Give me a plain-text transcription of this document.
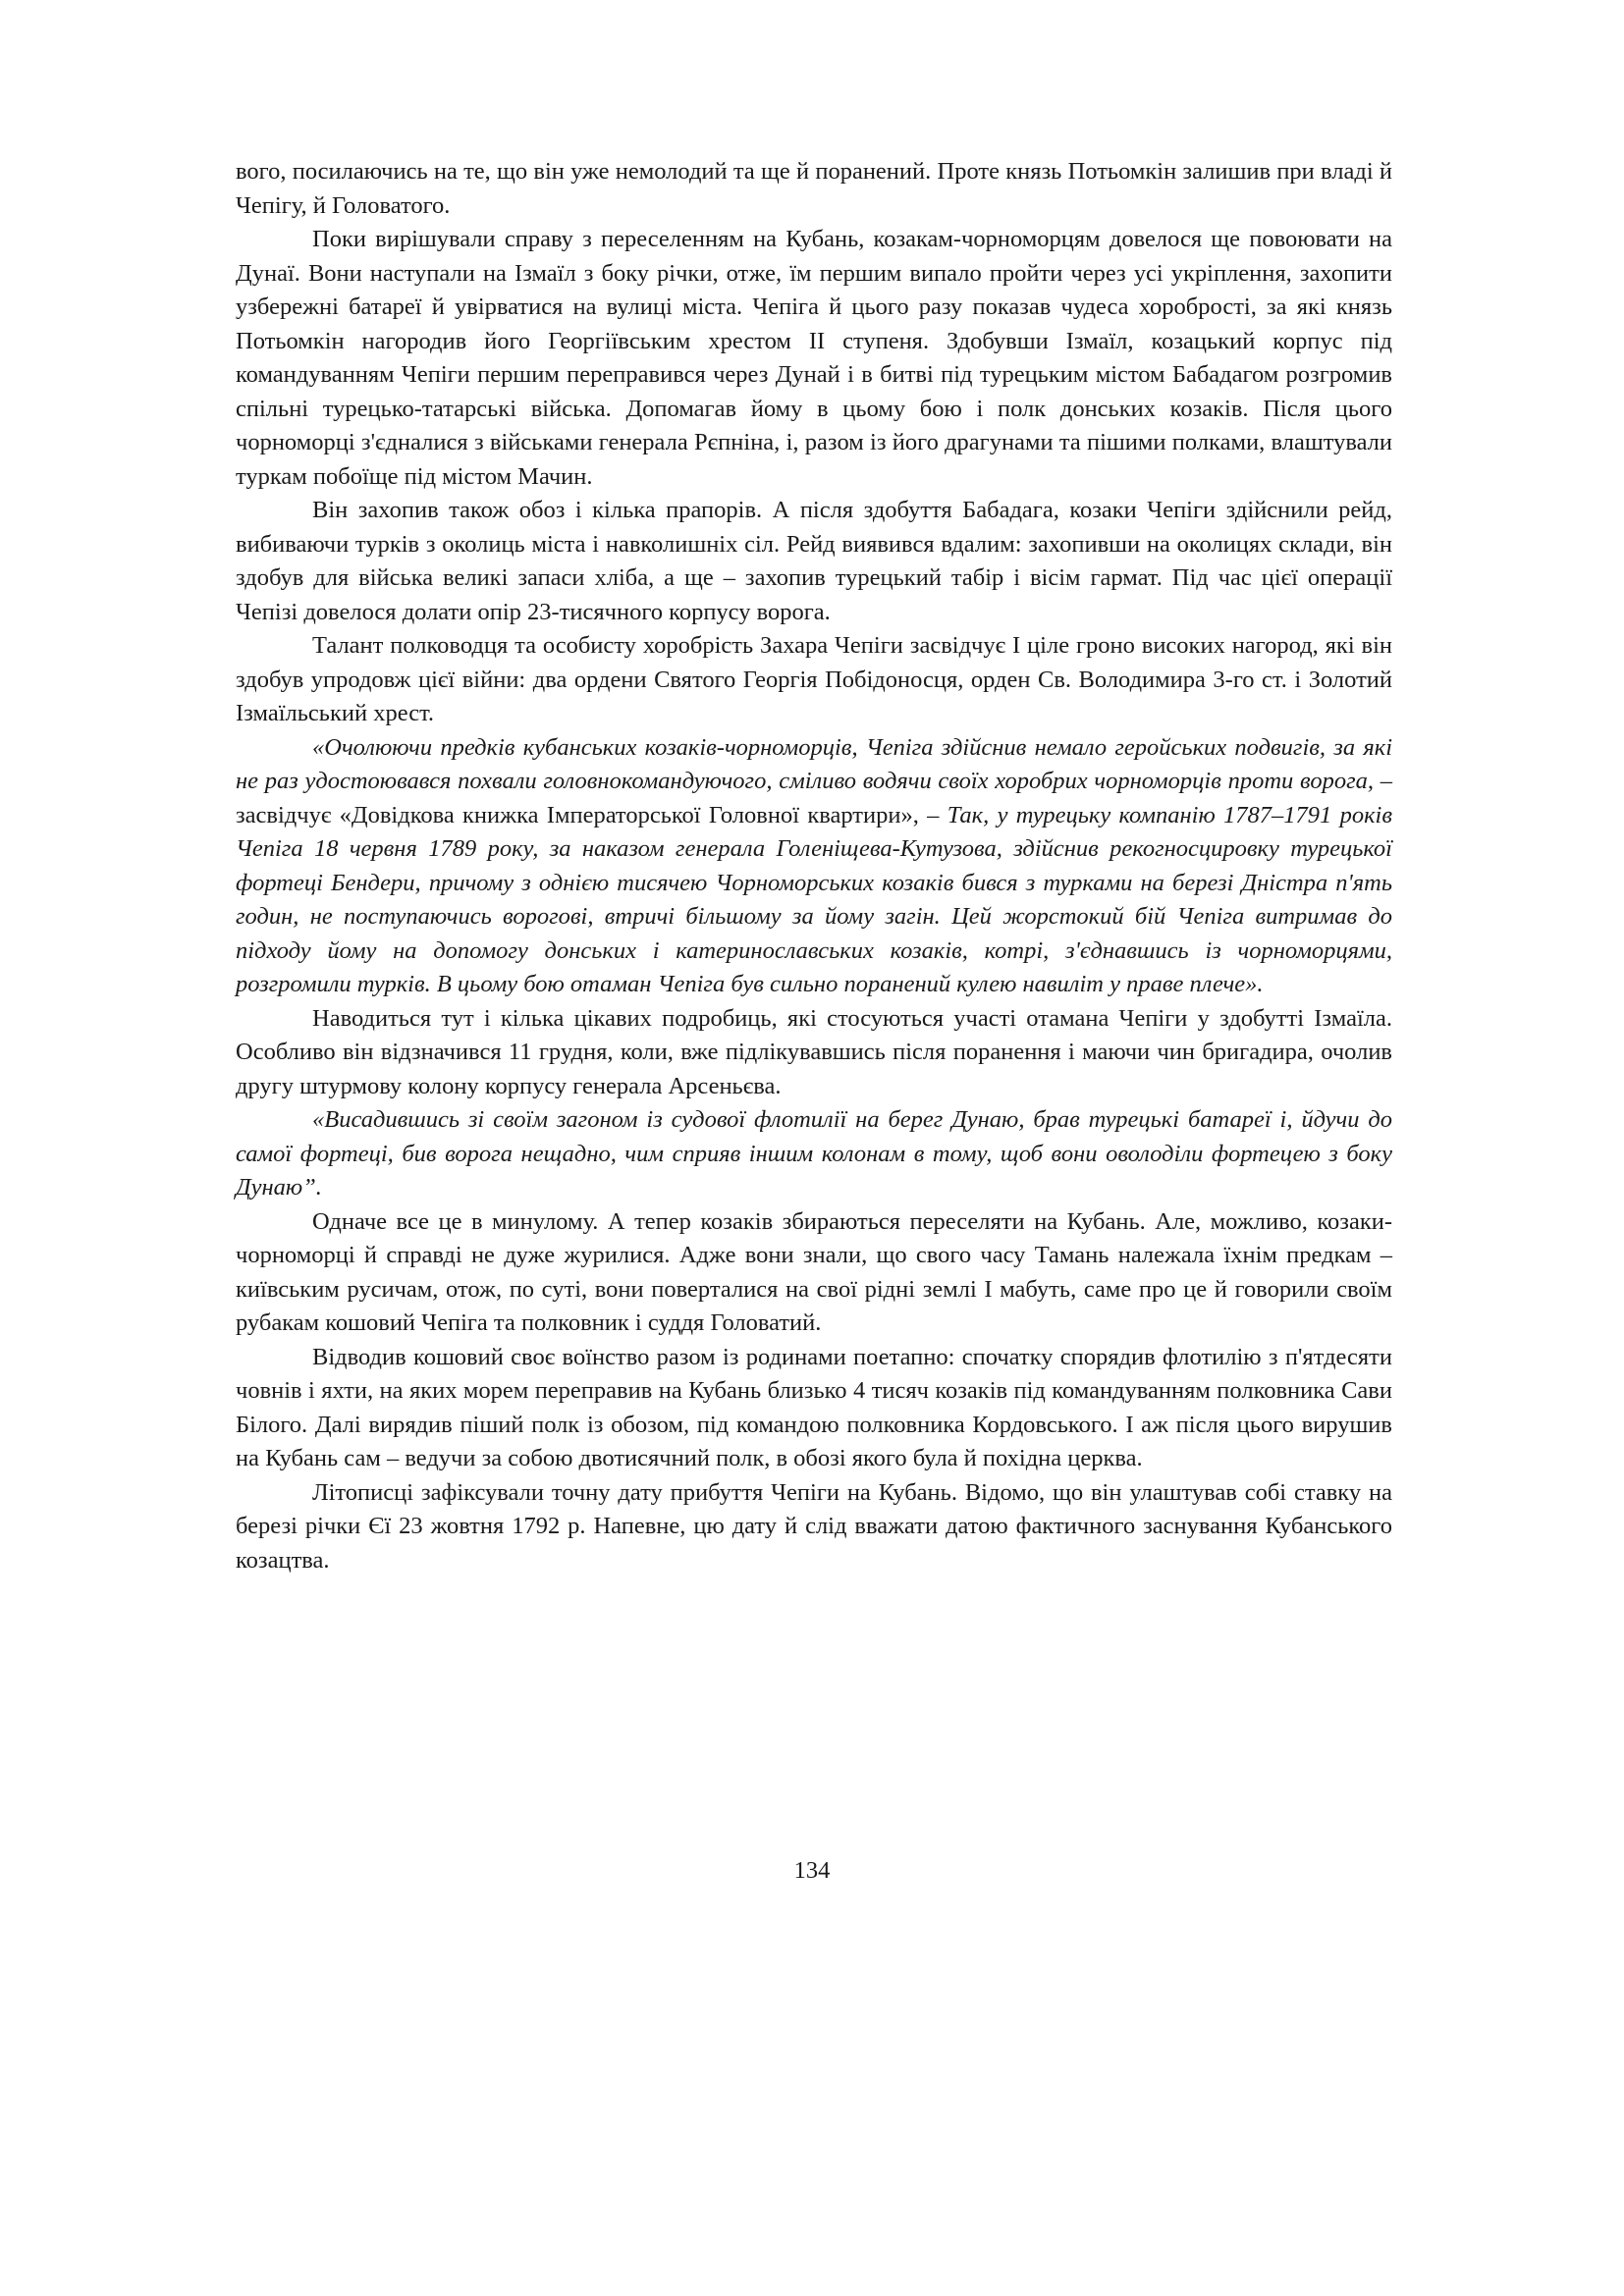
вого, посилаючись на те, що він уже немолодий та ще й поранений. Проте князь Потьомкін залишив при владі й Чепігу, й Головатого.

Поки вирішували справу з переселенням на Кубань, козакам-чорноморцям довелося ще повоювати на Дунаї. Вони наступали на Ізмаїл з боку річки, отже, їм першим випало пройти через усі укріплення, захопити узбережні батареї й увірватися на вулиці міста. Чепіга й цього разу показав чудеса хоробрості, за які князь Потьомкін нагородив його Георгіївським хрестом II ступеня. Здобувши Ізмаїл, козацький корпус під командуванням Чепіги першим переправився через Дунай і в битві під турецьким містом Бабадагом розгромив спільні турецько-татарські війська. Допомагав йому в цьому бою і полк донських козаків. Після цього чорноморці з'єдналися з військами генерала Рєпніна, і, разом із його драгунами та пішими полками, влаштували туркам побоїще під містом Мачин.

Він захопив також обоз і кілька прапорів. А після здобуття Бабадага, козаки Чепіги здійснили рейд, вибиваючи турків з околиць міста і навколишніх сіл. Рейд виявився вдалим: захопивши на околицях склади, він здобув для війська великі запаси хліба, а ще – захопив турецький табір і вісім гармат. Під час цієї операції Чепізі довелося долати опір 23-тисячного корпусу ворога.

Талант полководця та особисту хоробрість Захара Чепіги засвідчує І ціле гроно високих нагород, які він здобув упродовж цієї війни: два ордени Святого Георгія Побідоносця, орден Св. Володимира 3-го ст. і Золотий Ізмаїльський хрест.

«Очолюючи предків кубанських козаків-чорноморців, Чепіга здійснив немало геройських подвигів, за які не раз удостоювався похвали головнокомандуючого, сміливо водячи своїх хоробрих чорноморців проти ворога, – засвідчує «Довідкова книжка Імператорської Головної квартири», – Так, у турецьку компанію 1787–1791 років Чепіга 18 червня 1789 року, за наказом генерала Голеніщева-Кутузова, здійснив рекогносцировку турецької фортеці Бендери, причому з однією тисячею Чорноморських козаків бився з турками на березі Дністра п'ять годин, не поступаючись ворогові, втричі більшому за йому загін. Цей жорстокий бій Чепіга витримав до підходу йому на допомогу донських і катеринославських козаків, котрі, з'єднавшись із чорноморцями, розгромили турків. В цьому бою отаман Чепіга був сильно поранений кулею навиліт у праве плече».

Наводиться тут і кілька цікавих подробиць, які стосуються участі отамана Чепіги у здобутті Ізмаїла. Особливо він відзначився 11 грудня, коли, вже підлікувавшись після поранення і маючи чин бригадира, очолив другу штурмову колону корпусу генерала Арсеньєва.

«Висадившись зі своїм загоном із судової флотилії на берег Дунаю, брав турецькі батареї і, йдучи до самої фортеці, бив ворога нещадно, чим сприяв іншим колонам в тому, щоб вони оволоділи фортецею з боку Дунаю”.

Одначе все це в минулому. А тепер козаків збираються переселяти на Кубань. Але, можливо, козаки-чорноморці й справді не дуже журилися. Адже вони знали, що свого часу Тамань належала їхнім предкам – київським русичам, отож, по суті, вони поверталися на свої рідні землі І мабуть, саме про це й говорили своїм рубакам кошовий Чепіга та полковник і суддя Головатий.

Відводив кошовий своє воїнство разом із родинами поетапно: спочатку спорядив флотилію з п'ятдесяти човнів і яхти, на яких морем переправив на Кубань близько 4 тисяч козаків під командуванням полковника Сави Білого. Далі вирядив піший полк із обозом, під командою полковника Кордовського. І аж після цього вирушив на Кубань сам – ведучи за собою двотисячний полк, в обозі якого була й похідна церква.

Літописці зафіксували точну дату прибуття Чепіги на Кубань. Відомо, що він улаштував собі ставку на березі річки Єї 23 жовтня 1792 р. Напевне, цю дату й слід вважати датою фактичного заснування Кубанського козацтва.

134
